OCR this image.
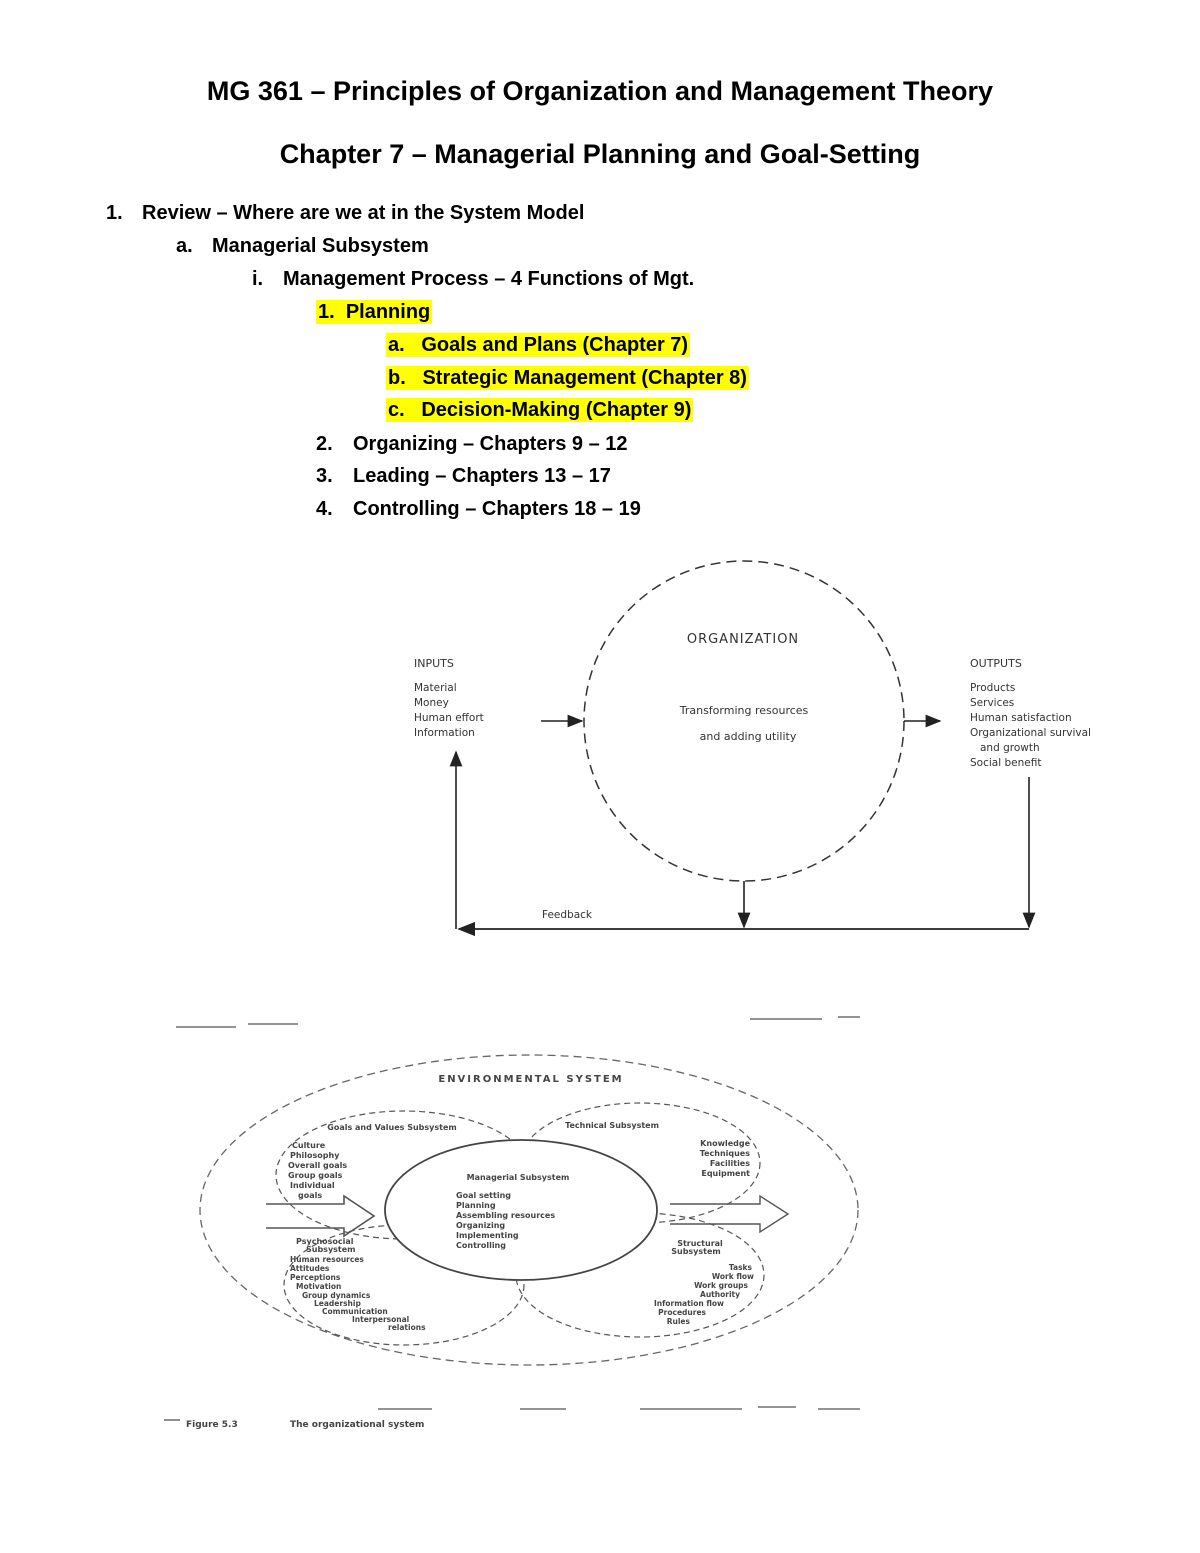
MG 361 – Principles of Organization and Management Theory
Chapter 7 – Managerial Planning and Goal-Setting
1. Review – Where are we at in the System Model
a. Managerial Subsystem
i. Management Process – 4 Functions of Mgt.
1. Planning
a. Goals and Plans (Chapter 7)
b. Strategic Management (Chapter 8)
c. Decision-Making (Chapter 9)
2. Organizing – Chapters 9 – 12
3. Leading – Chapters 13 – 17
4. Controlling – Chapters 18 – 19
ORGANIZATION
Transforming resources
and adding utility
INPUTS
Material
Money
Human effort
Information
OUTPUTS
Products
Services
Human satisfaction
Organizational survival
and growth
Social benefit
Feedback
ENVIRONMENTAL SYSTEM
Goals and Values Subsystem
Culture
Philosophy
Overall goals
Group goals
Individual
goals
Technical Subsystem
Knowledge
Techniques
Facilities
Equipment
Managerial Subsystem
Goal setting
Planning
Assembling resources
Organizing
Implementing
Controlling
Psychosocial
Subsystem
Human resources
Attitudes
Perceptions
Motivation
Group dynamics
Leadership
Communication
Interpersonal
relations
Structural
Subsystem
Tasks
Work flow
Work groups
Authority
Information flow
Procedures
Rules
Figure 5.3	The organizational system
